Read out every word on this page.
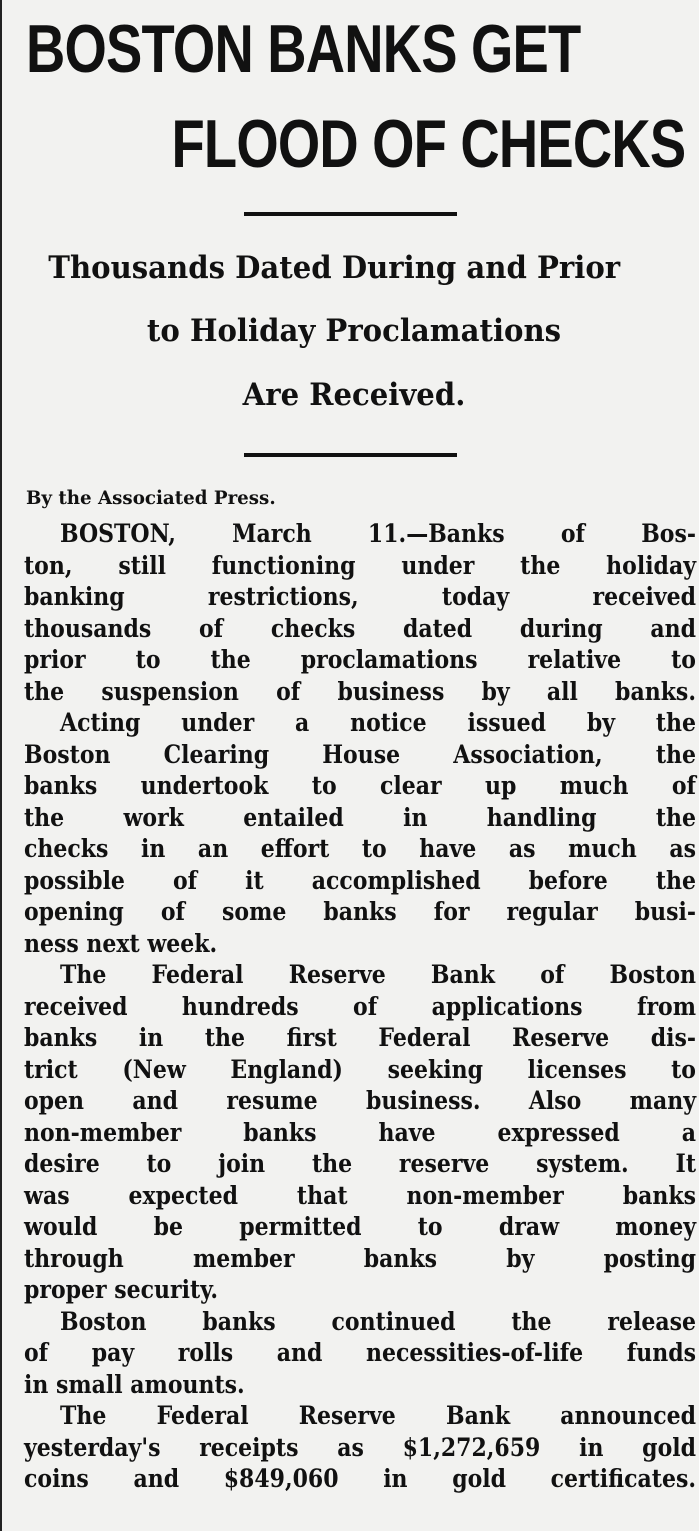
BOSTON BANKS GET
FLOOD OF CHECKS
Thousands Dated During and Prior
to Holiday Proclamations
Are Received.
By the Associated Press.
BOSTON, March 11.—Banks of Bos-
ton, still functioning under the holiday
banking restrictions, today received
thousands of checks dated during and
prior to the proclamations relative to
the suspension of business by all banks.
Acting under a notice issued by the
Boston Clearing House Association, the
banks undertook to clear up much of
the work entailed in handling the
checks in an effort to have as much as
possible of it accomplished before the
opening of some banks for regular busi-
ness next week.
The Federal Reserve Bank of Boston
received hundreds of applications from
banks in the first Federal Reserve dis-
trict (New England) seeking licenses to
open and resume business. Also many
non-member banks have expressed a
desire to join the reserve system. It
was expected that non-member banks
would be permitted to draw money
through member banks by posting
proper security.
Boston banks continued the release
of pay rolls and necessities-of-life funds
in small amounts.
The Federal Reserve Bank announced
yesterday's receipts as $1,272,659 in gold
coins and $849,060 in gold certificates.
